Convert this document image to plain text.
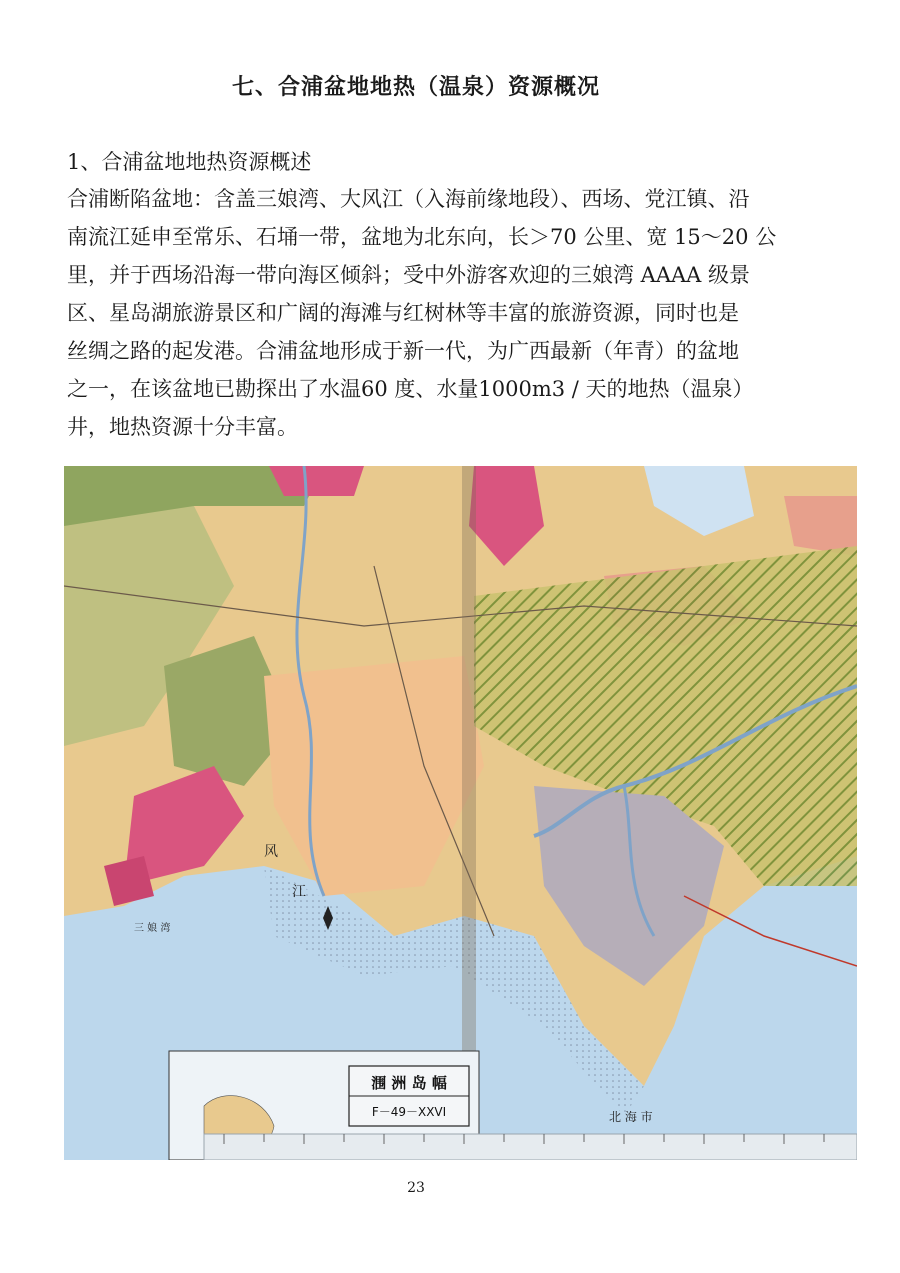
七、合浦盆地地热（温泉）资源概况
1、合浦盆地地热资源概述
合浦断陷盆地：含盖三娘湾、大风江（入海前缘地段）、西场、党江镇、沿
南流江延申至常乐、石埇一带，盆地为北东向，长＞70 公里、宽 15～20 公
里，并于西场沿海一带向海区倾斜；受中外游客欢迎的三娘湾 AAAA 级景
区、星岛湖旅游景区和广阔的海滩与红树林等丰富的旅游资源，同时也是
丝绸之路的起发港。合浦盆地形成于新一代，为广西最新（年青）的盆地
之一，在该盆地已勘探出了水温60 度、水量1000m3 / 天的地热（温泉）
井，地热资源十分丰富。
涠 洲 岛 幅
F－49－XXVI	北 海 市
风
江
三 娘 湾
23
